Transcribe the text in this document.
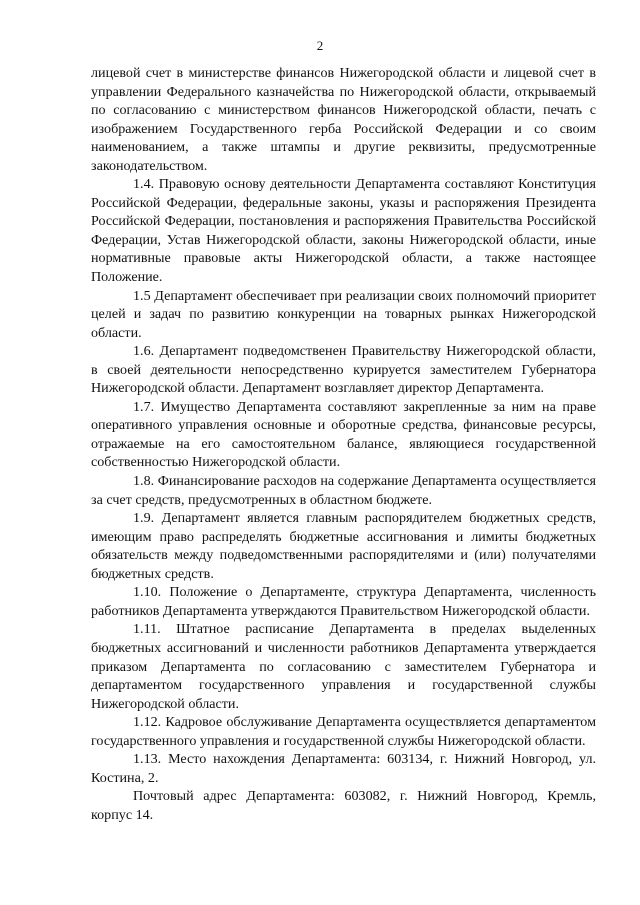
2

лицевой счет в министерстве финансов Нижегородской области и лицевой счет в управлении Федерального казначейства по Нижегородской области, открываемый по согласованию с министерством финансов Нижегородской области, печать с изображением Государственного герба Российской Федерации и со своим наименованием, а также штампы и другие реквизиты, предусмотренные законодательством.

1.4. Правовую основу деятельности Департамента составляют Конституция Российской Федерации, федеральные законы, указы и распоряжения Президента Российской Федерации, постановления и распоряжения Правительства Российской Федерации, Устав Нижегородской области, законы Нижегородской области, иные нормативные правовые акты Нижегородской области, а также настоящее Положение.

1.5 Департамент обеспечивает при реализации своих полномочий приоритет целей и задач по развитию конкуренции на товарных рынках Нижегородской области.

1.6. Департамент подведомственен Правительству Нижегородской области, в своей деятельности непосредственно курируется заместителем Губернатора Нижегородской области. Департамент возглавляет директор Департамента.

1.7. Имущество Департамента составляют закрепленные за ним на праве оперативного управления основные и оборотные средства, финансовые ресурсы, отражаемые на его самостоятельном балансе, являющиеся государственной собственностью Нижегородской области.

1.8. Финансирование расходов на содержание Департамента осуществляется за счет средств, предусмотренных в областном бюджете.

1.9. Департамент является главным распорядителем бюджетных средств, имеющим право распределять бюджетные ассигнования и лимиты бюджетных обязательств между подведомственными распорядителями и (или) получателями бюджетных средств.

1.10. Положение о Департаменте, структура Департамента, численность работников Департамента утверждаются Правительством Нижегородской области.

1.11. Штатное расписание Департамента в пределах выделенных бюджетных ассигнований и численности работников Департамента утверждается приказом Департамента по согласованию с заместителем Губернатора и департаментом государственного управления и государственной службы Нижегородской области.

1.12. Кадровое обслуживание Департамента осуществляется департаментом государственного управления и государственной службы Нижегородской области.

1.13. Место нахождения Департамента: 603134, г. Нижний Новгород, ул. Костина, 2.

Почтовый адрес Департамента: 603082, г. Нижний Новгород, Кремль, корпус 14.
